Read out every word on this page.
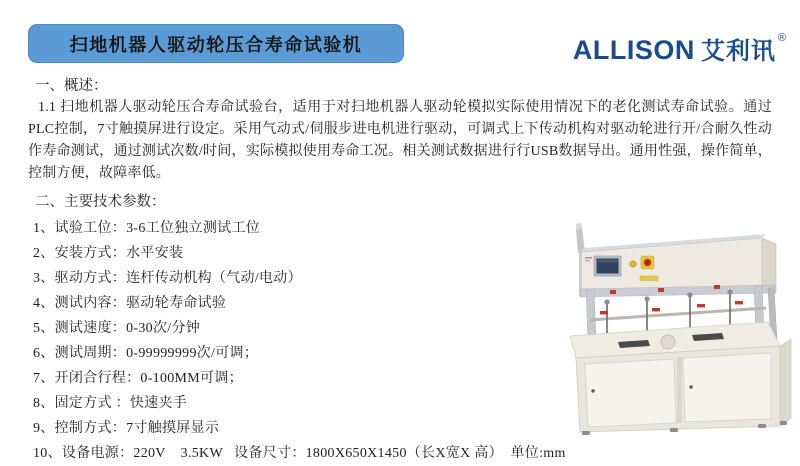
扫地机器人驱动轮压合寿命试验机	ALLISON 艾利讯 ®
一、概述：
1.1 扫地机器人驱动轮压合寿命试验台，适用于对扫地机器人驱动轮模拟实际使用情况下的老化测试寿命试验。通过PLC控制，7寸触摸屏进行设定。采用气动式/伺服步进电机进行驱动，可调式上下传动机构对驱动轮进行开/合耐久性动作寿命测试，通过测试次数/时间，实际模拟使用寿命工况。相关测试数据进行行USB数据导出。通用性强，操作简单，控制方便，故障率低。
二、主要技术参数：
1、试验工位：3-6工位独立测试工位
2、安装方式：水平安装
3、驱动方式：连杆传动机构（气动/电动）
4、测试内容：驱动轮寿命试验
5、测试速度：0-30次/分钟
6、测试周期：0-99999999次/可调；
7、开闭合行程：0-100MM可调；
8、固定方式 ：快速夹手
9、控制方式：7寸触摸屏显示
10、设备电源：220V    3.5KW   设备尺寸：1800X650X1450（长X宽X 高）  单位:mm
